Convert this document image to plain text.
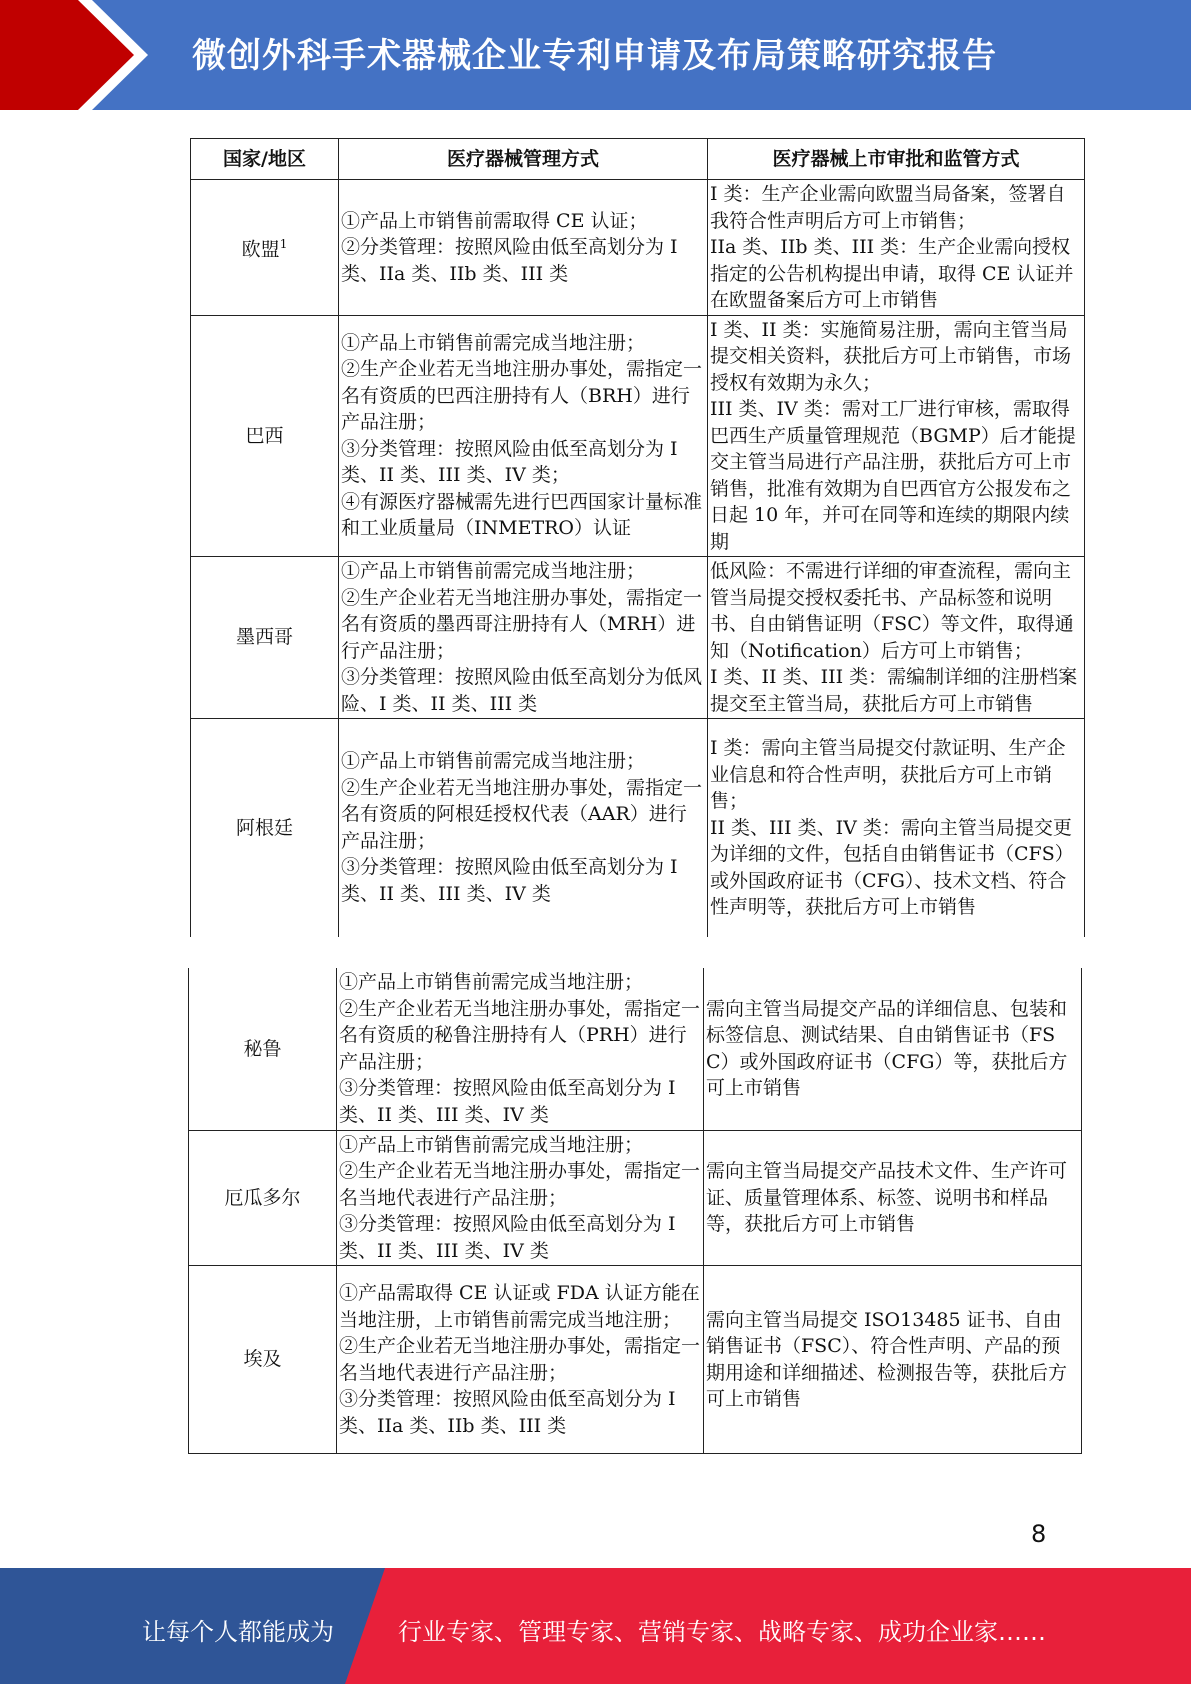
微创外科手术器械企业专利申请及布局策略研究报告
国家/地区	医疗器械管理方式	医疗器械上市审批和监管方式
欧盟$^1$	①产品上市销售前需取得 CE 认证；
②分类管理：按照风险由低至高划分为 I 类、IIa 类、IIb 类、III 类	I 类：生产企业需向欧盟当局备案，签署自我符合性声明后方可上市销售；
IIa 类、IIb 类、III 类：生产企业需向授权指定的公告机构提出申请，取得 CE 认证并在欧盟备案后方可上市销售

巴西	①产品上市销售前需完成当地注册；
②生产企业若无当地注册办事处，需指定一名有资质的巴西注册持有人（BRH）进行产品注册；
③分类管理：按照风险由低至高划分为 I 类、II 类、III 类、IV 类；
④有源医疗器械需先进行巴西国家计量标准和工业质量局（INMETRO）认证	I 类、II 类：实施简易注册，需向主管当局提交相关资料，获批后方可上市销售，市场授权有效期为永久；
III 类、IV 类：需对工厂进行审核，需取得巴西生产质量管理规范（BGMP）后才能提交主管当局进行产品注册，获批后方可上市销售，批准有效期为自巴西官方公报发布之日起 10 年，并可在同等和连续的期限内续期

墨西哥	①产品上市销售前需完成当地注册；
②生产企业若无当地注册办事处，需指定一名有资质的墨西哥注册持有人（MRH）进行产品注册；
③分类管理：按照风险由低至高划分为低风险、I 类、II 类、III 类	低风险：不需进行详细的审查流程，需向主管当局提交授权委托书、产品标签和说明书、自由销售证明（FSC）等文件，取得通知（Notification）后方可上市销售；
I 类、II 类、III 类：需编制详细的注册档案提交至主管当局，获批后方可上市销售

阿根廷	①产品上市销售前需完成当地注册；
②生产企业若无当地注册办事处，需指定一名有资质的阿根廷授权代表（AAR）进行产品注册；
③分类管理：按照风险由低至高划分为 I 类、II 类、III 类、IV 类	I 类：需向主管当局提交付款证明、生产企业信息和符合性声明，获批后方可上市销售；
II 类、III 类、IV 类：需向主管当局提交更为详细的文件，包括自由销售证书（CFS）或外国政府证书（CFG）、技术文档、符合性声明等，获批后方可上市销售
秘鲁	①产品上市销售前需完成当地注册；
②生产企业若无当地注册办事处，需指定一名有资质的秘鲁注册持有人（PRH）进行产品注册；
③分类管理：按照风险由低至高划分为 I 类、II 类、III 类、IV 类	需向主管当局提交产品的详细信息、包装和标签信息、测试结果、自由销售证书（FSC）或外国政府证书（CFG）等，获批后方可上市销售

厄瓜多尔	①产品上市销售前需完成当地注册；
②生产企业若无当地注册办事处，需指定一名当地代表进行产品注册；
③分类管理：按照风险由低至高划分为 I 类、II 类、III 类、IV 类	需向主管当局提交产品技术文件、生产许可证、质量管理体系、标签、说明书和样品等，获批后方可上市销售

埃及	①产品需取得 CE 认证或 FDA 认证方能在当地注册，上市销售前需完成当地注册；
②生产企业若无当地注册办事处，需指定一名当地代表进行产品注册；
③分类管理：按照风险由低至高划分为 I 类、IIa 类、IIb 类、III 类	需向主管当局提交 ISO13485 证书、自由销售证书（FSC）、符合性声明、产品的预期用途和详细描述、检测报告等，获批后方可上市销售
8
让每个人都能成为	行业专家、管理专家、营销专家、战略专家、成功企业家……
